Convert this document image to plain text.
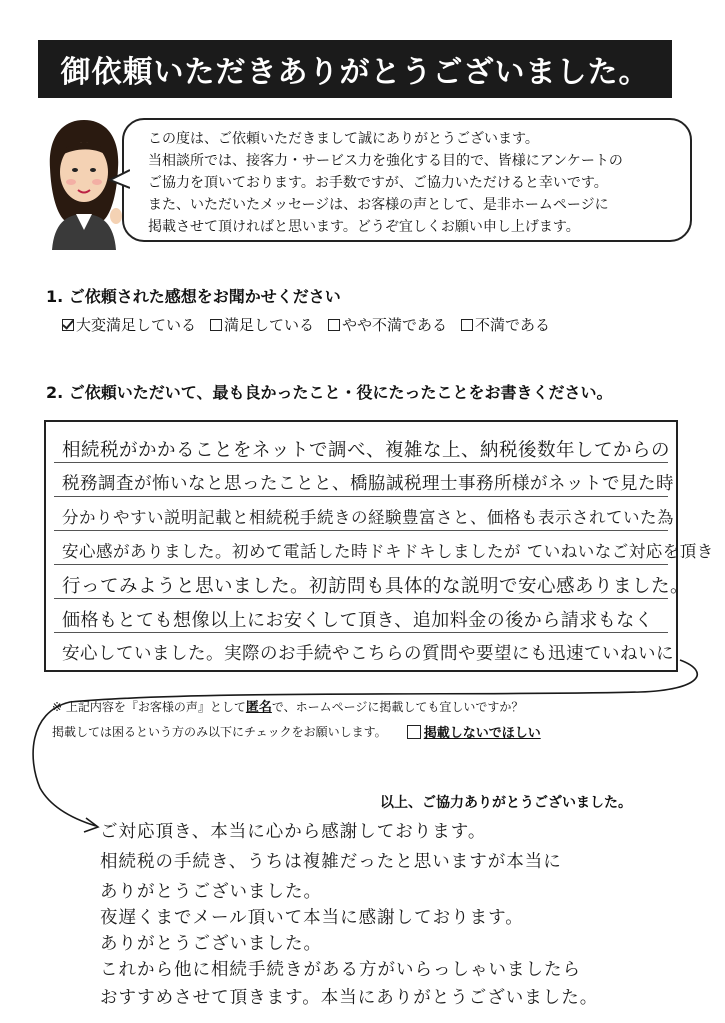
御依頼いただきありがとうございました。

この度は、ご依頼いただきまして誠にありがとうございます。

当相談所では、接客力・サービス力を強化する目的で、皆様にアンケートの

ご協力を頂いております。お手数ですが、ご協力いただけると幸いです。

また、いただいたメッセージは、お客様の声として、是非ホームページに

掲載させて頂ければと思います。どうぞ宜しくお願い申し上げます。

1. ご依頼された感想をお聞かせください
大変満足している 満足している やや不満である 不満である
2. ご依頼いただいて、最も良かったこと・役にたったことをお書きください。
相続税がかかることをネットで調べ、複雑な上、納税後数年してからの
税務調査が怖いなと思ったことと、橋脇誠税理士事務所様がネットで見た時
分かりやすい説明記載と相続税手続きの経験豊富さと、価格も表示されていた為
安心感がありました。初めて電話した時ドキドキしましたが ていねいなご対応を頂き
行ってみようと思いました。初訪問も具体的な説明で安心感ありました。
価格もとても想像以上にお安くして頂き、追加料金の後から請求もなく
安心していました。実際のお手続やこちらの質問や要望にも迅速ていねいに
※ 上記内容を『お客様の声』として匿名で、ホームページに掲載しても宜しいですか？
掲載しては困るという方のみ以下にチェックをお願いします。	掲載しないでほしい
以上、ご協力ありがとうございました。
ご対応頂き、本当に心から感謝しております。
相続税の手続き、うちは複雑だったと思いますが本当に
ありがとうございました。
夜遅くまでメール頂いて本当に感謝しております。
ありがとうございました。
これから他に相続手続きがある方がいらっしゃいましたら
おすすめさせて頂きます。本当にありがとうございました。
